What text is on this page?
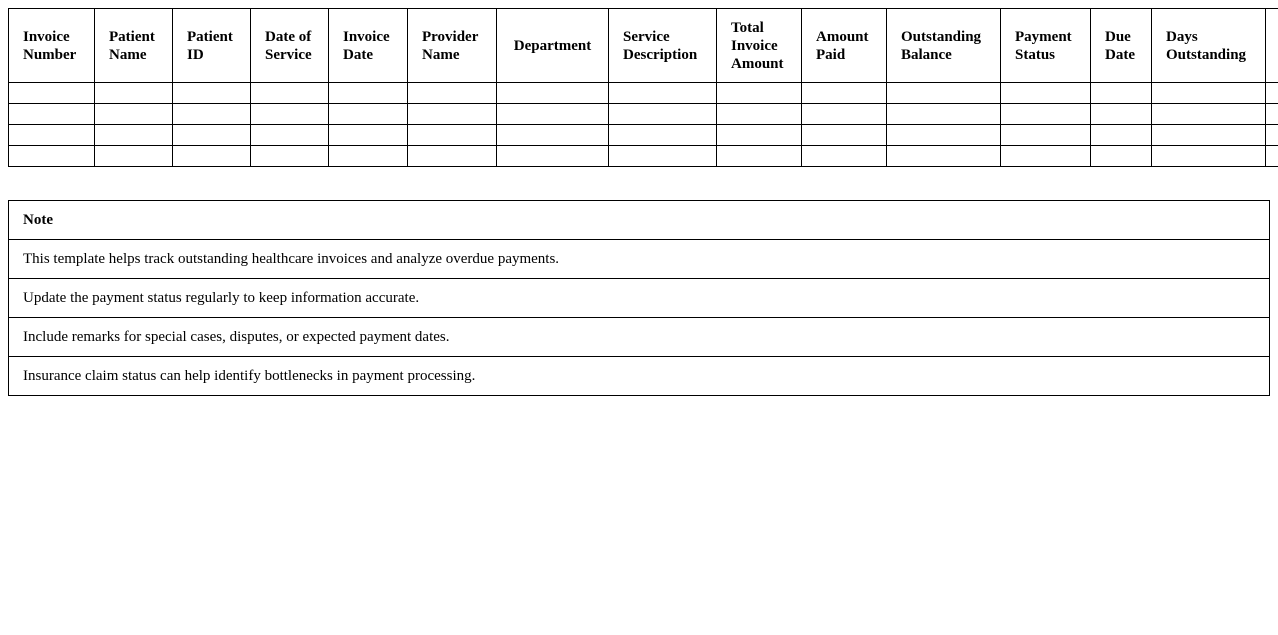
Invoice Number	Patient Name	Patient ID	Date of Service	Invoice Date	Provider Name	Department	Service Description	Total Invoice Amount	Amount Paid	Outstanding Balance	Payment Status	Due Date	Days Outstanding	

Note
This template helps track outstanding healthcare invoices and analyze overdue payments.
Update the payment status regularly to keep information accurate.
Include remarks for special cases, disputes, or expected payment dates.
Insurance claim status can help identify bottlenecks in payment processing.
